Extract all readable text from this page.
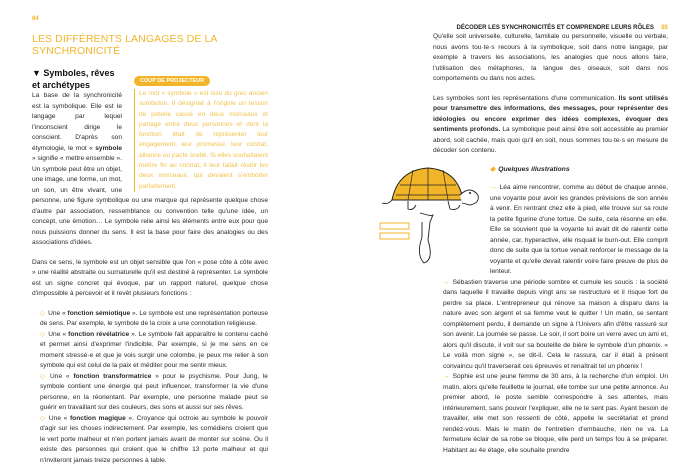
84
LES DIFFÉRENTS LANGAGES DE LA SYNCHRONICITÉ
COUP DE PROJECTEUR
Le mot « symbole » est issu du grec ancien sumbolon. Il désignait à l'origine un tesson de poterie cassé en deux morceaux et partagé entre deux personnes et dont la fonction était de représenter leur engagement, leur promesse, leur contrat, alliance ou pacte scellé. Si elles souhaitaient mettre fin au contrat, il leur fallait réunir les deux morceaux, qui devaient s'emboîter parfaitement.
▼ Symboles, rêves et archétypes

La base de la synchronicité est la symbolique. Elle est le langage par lequel l'inconscient dirige le conscient. D'après son étymologie, le mot « symbole » signifie « mettre ensemble ». Un symbole peut être un objet, une image, une forme, un mot, un son, un être vivant, une personne, une figure symbolique ou une marque qui représente quelque chose d'autre par association, ressemblance ou convention telle qu'une idée, un concept, une émotion… Le symbole relie ainsi les éléments entre eux pour que nous puissions donner du sens. Il est la base pour faire des analogies ou des associations d'idées.

Dans ce sens, le symbole est un objet sensible que l'on « pose côte à côte avec » une réalité abstraite ou surnaturelle qu'il est destiné à représenter. Le symbole est un signe concret qui évoque, par un rapport naturel, quelque chose d'impossible à percevoir et il revêt plusieurs fonctions :

◇ Une « fonction sémiotique ». Le symbole est une représentation porteuse de sens. Par exemple, le symbole de la croix a une connotation religieuse.

◇ Une « fonction révélatrice ». Le symbole fait apparaître le contenu caché et permet ainsi d'exprimer l'indicible. Par exemple, si je me sens en ce moment stressé·e et que je vois surgir une colombe, je peux me relier à son symbole qui est celui de la paix et méditer pour me sentir mieux.

◇ Une « fonction transformatrice » pour le psychisme. Pour Jung, le symbole contient une énergie qui peut influencer, transformer la vie d'une personne, en la réorientant. Par exemple, une personne malade peut se guérir en travaillant sur des couleurs, des sons et aussi sur ses rêves.

◇ Une « fonction magique ». Croyance qui octroie au symbole le pouvoir d'agir sur les choses indirectement. Par exemple, les comédiens croient que le vert porte malheur et n'en portent jamais avant de monter sur scène. Ou il existe des personnes qui croient que le chiffre 13 porte malheur et qui n'inviteront jamais treize personnes à table.

DÉCODER LES SYNCHRONICITÉS ET COMPRENDRE LEURS RÔLES 85

Qu'elle soit universelle, culturelle, familiale ou personnelle, visuelle ou verbale, nous avons tou·te·s recours à la symbolique, soit dans notre langage, par exemple à travers les associations, les analogies que nous allons faire, l'utilisation des métaphores, la langue des oiseaux, soit dans nos comportements ou dans nos actes.

Les symboles sont les représentations d'une communication. Ils sont utilisés pour transmettre des informations, des messages, pour représenter des idéologies ou encore exprimer des idées complexes, évoquer des sentiments profonds. La symbolique peut ainsi être soit accessible au premier abord, soit cachée, mais quoi qu'il en soit, nous sommes tou·te·s en mesure de décoder son contenu.

◆ Quelques illustrations

→ Léa aime rencontrer, comme au début de chaque année, une voyante pour avoir les grandes prévisions de son année à venir. En rentrant chez elle à pied, elle trouve sur sa route la petite figurine d'une tortue. De suite, cela résonne en elle. Elle se souvient que la voyante lui avait dit de ralentir cette année, car, hyperactive, elle risquait le burn-out. Elle comprit donc de suite que la tortue venait renforcer le message de la voyante et qu'elle devait ralentir voire faire preuve de plus de lenteur.

→ Sébastien traverse une période sombre et cumule les soucis : la société dans laquelle il travaille depuis vingt ans se restructure et il risque fort de perdre sa place. L'entrepreneur qui rénove sa maison a disparu dans la nature avec son argent et sa femme veut le quitter ! Un matin, se sentant complètement perdu, il demande un signe à l'Univers afin d'être rassuré sur son avenir. La journée se passe. Le soir, il sort boire un verre avec un ami et, alors qu'il discute, il voit sur sa bouteille de bière le symbole d'un phœnix. « Le voilà mon signe », se dit-il. Cela le rassura, car il était à présent convaincu qu'il traverserait ces épreuves et renaîtrait tel un phœnix !

→ Sophie est une jeune femme de 30 ans, à la recherche d'un emploi. Un matin, alors qu'elle feuillette le journal, elle tombe sur une petite annonce. Au premier abord, le poste semble correspondre à ses attentes, mais intérieurement, sans pouvoir l'expliquer, elle ne le sent pas. Ayant besoin de travailler, elle met son ressenti de côté, appelle le secrétariat et prend rendez-vous. Mais le matin de l'entretien d'embauche, rien ne va. La fermeture éclair de sa robe se bloque, elle perd un temps fou à se préparer. Habitant au 4e étage, elle souhaite prendre
